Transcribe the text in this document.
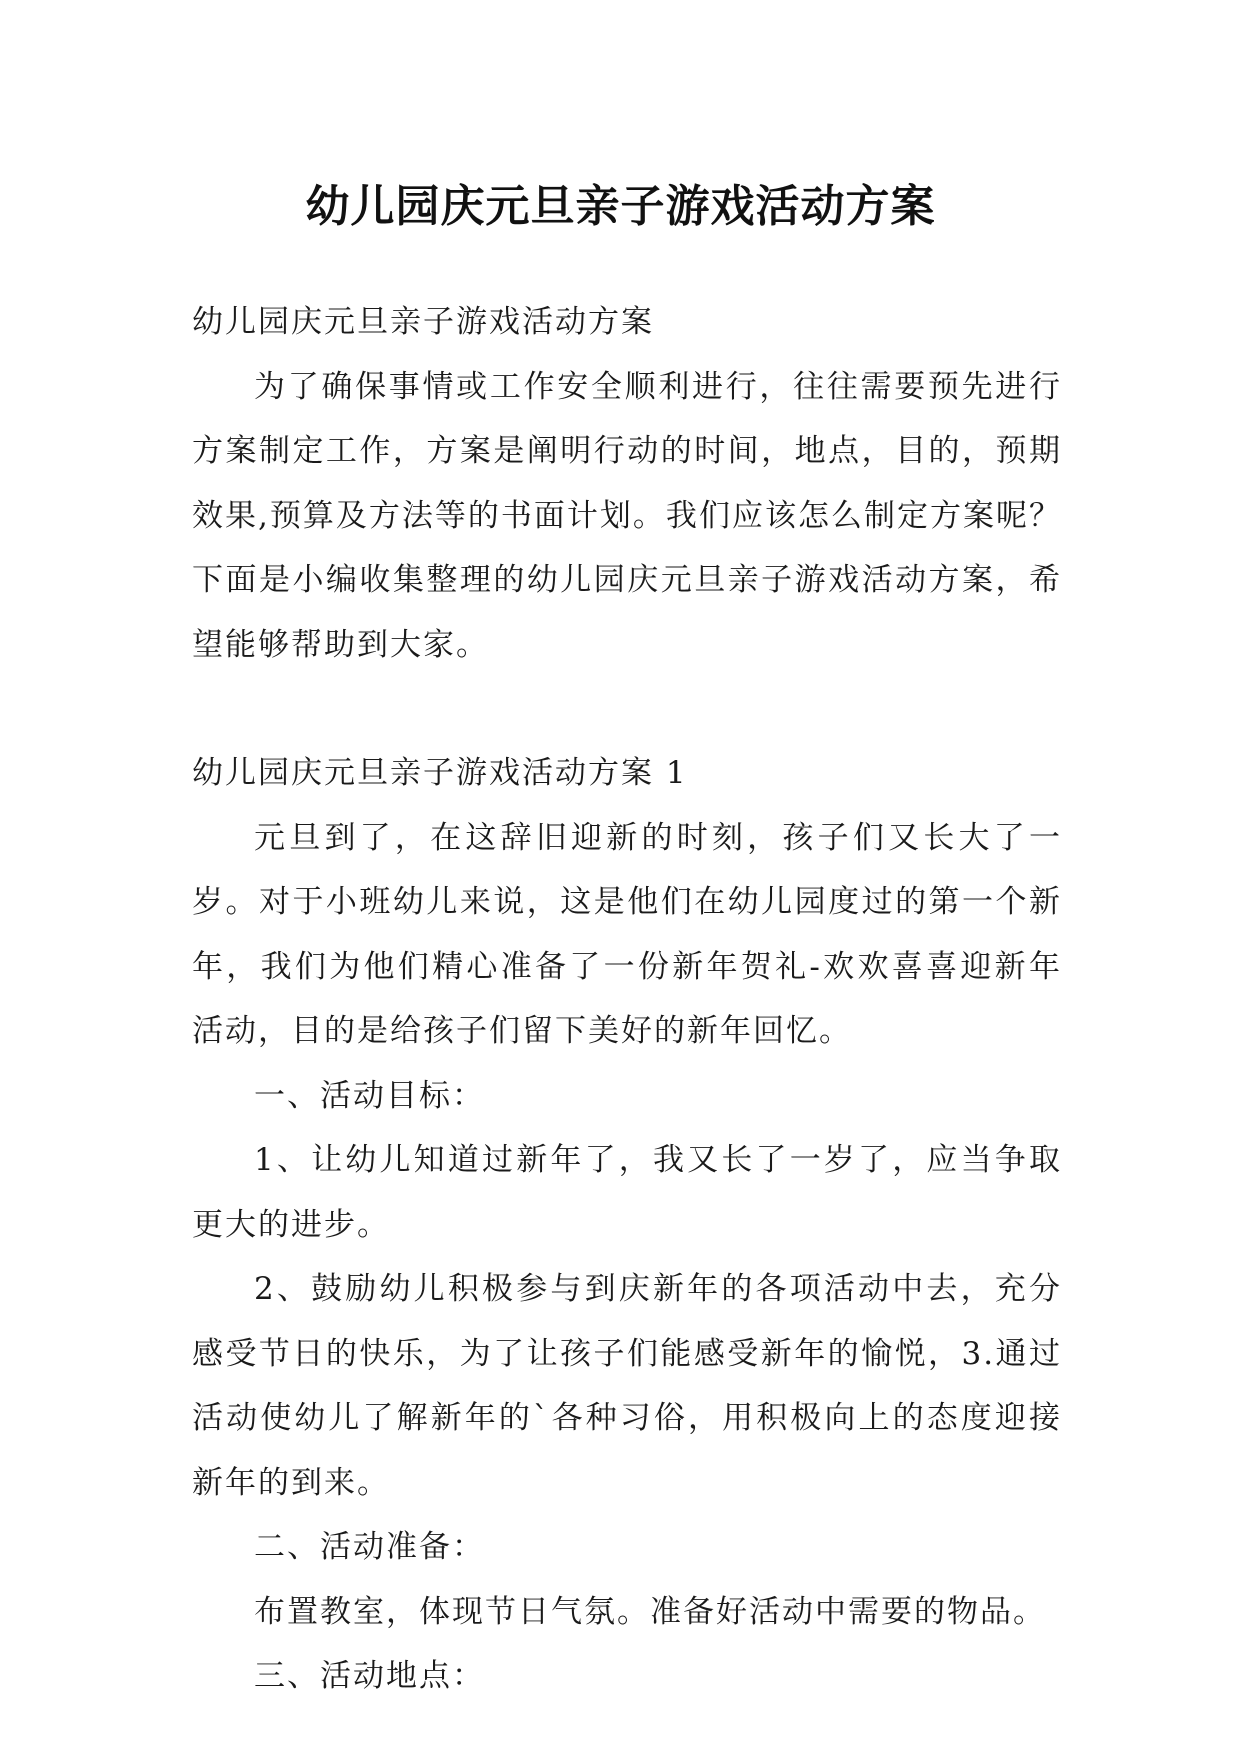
幼儿园庆元旦亲子游戏活动方案

幼儿园庆元旦亲子游戏活动方案

为了确保事情或工作安全顺利进行，往往需要预先进行方案制定工作，方案是阐明行动的时间，地点，目的，预期效果,预算及方法等的书面计划。我们应该怎么制定方案呢？下面是小编收集整理的幼儿园庆元旦亲子游戏活动方案，希望能够帮助到大家。

幼儿园庆元旦亲子游戏活动方案 1

元旦到了，在这辞旧迎新的时刻，孩子们又长大了一岁。对于小班幼儿来说，这是他们在幼儿园度过的第一个新年，我们为他们精心准备了一份新年贺礼-欢欢喜喜迎新年活动，目的是给孩子们留下美好的新年回忆。

一、活动目标：

1、让幼儿知道过新年了，我又长了一岁了，应当争取更大的进步。

2、鼓励幼儿积极参与到庆新年的各项活动中去，充分感受节日的快乐，为了让孩子们能感受新年的愉悦，3.通过活动使幼儿了解新年的`各种习俗，用积极向上的态度迎接新年的到来。

二、活动准备：

布置教室，体现节日气氛。准备好活动中需要的物品。

三、活动地点：
